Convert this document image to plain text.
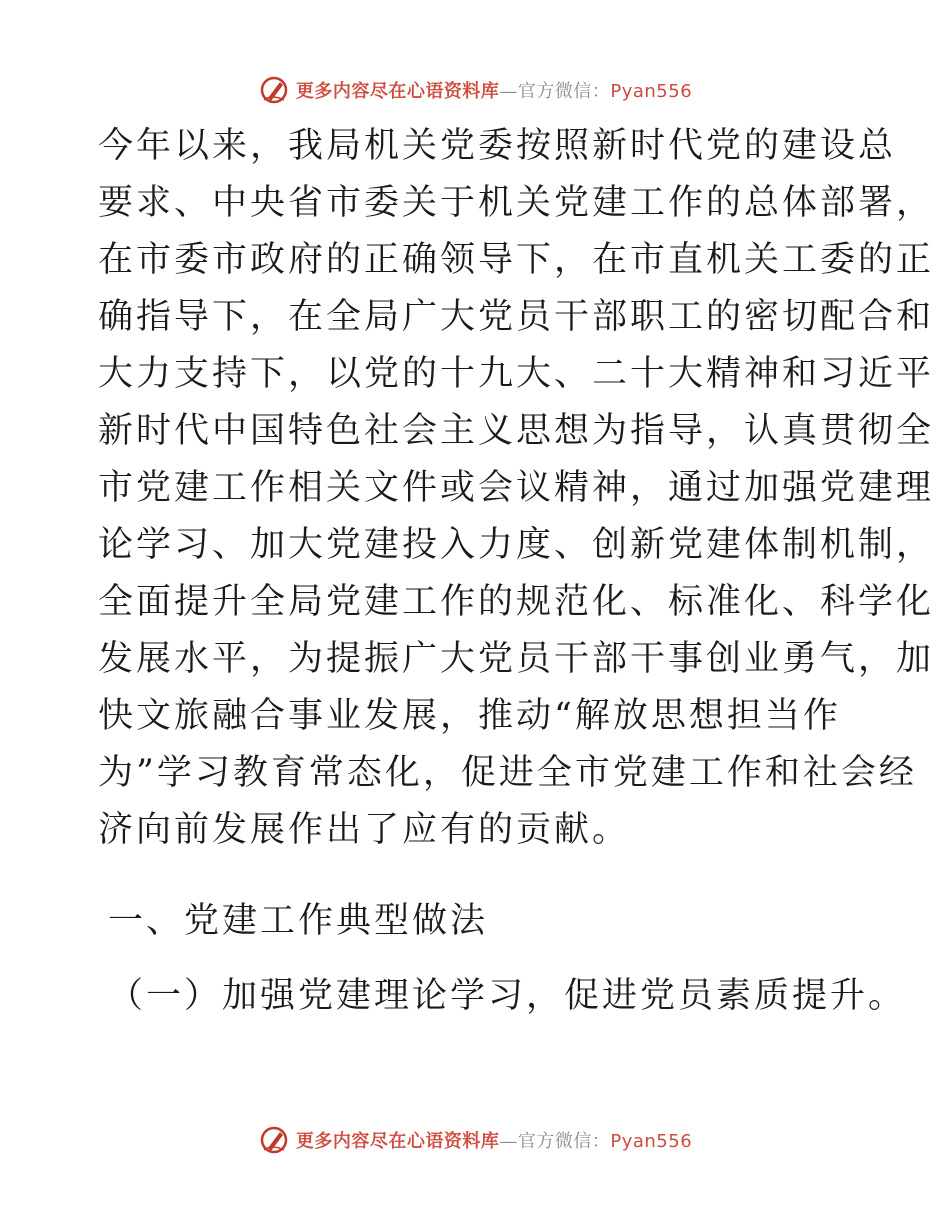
更多内容尽在心语资料库—官方微信：Pyan556

今年以来，我局机关党委按照新时代党的建设总

要求、中央省市委关于机关党建工作的总体部署，

在市委市政府的正确领导下，在市直机关工委的正

确指导下，在全局广大党员干部职工的密切配合和

大力支持下，以党的十九大、二十大精神和习近平

新时代中国特色社会主义思想为指导，认真贯彻全

市党建工作相关文件或会议精神，通过加强党建理

论学习、加大党建投入力度、创新党建体制机制，

全面提升全局党建工作的规范化、标准化、科学化

发展水平，为提振广大党员干部干事创业勇气，加

快文旅融合事业发展，推动“解放思想担当作

为”学习教育常态化，促进全市党建工作和社会经

济向前发展作出了应有的贡献。

一、党建工作典型做法
（一）加强党建理论学习，促进党员素质提升。
更多内容尽在心语资料库—官方微信：Pyan556
